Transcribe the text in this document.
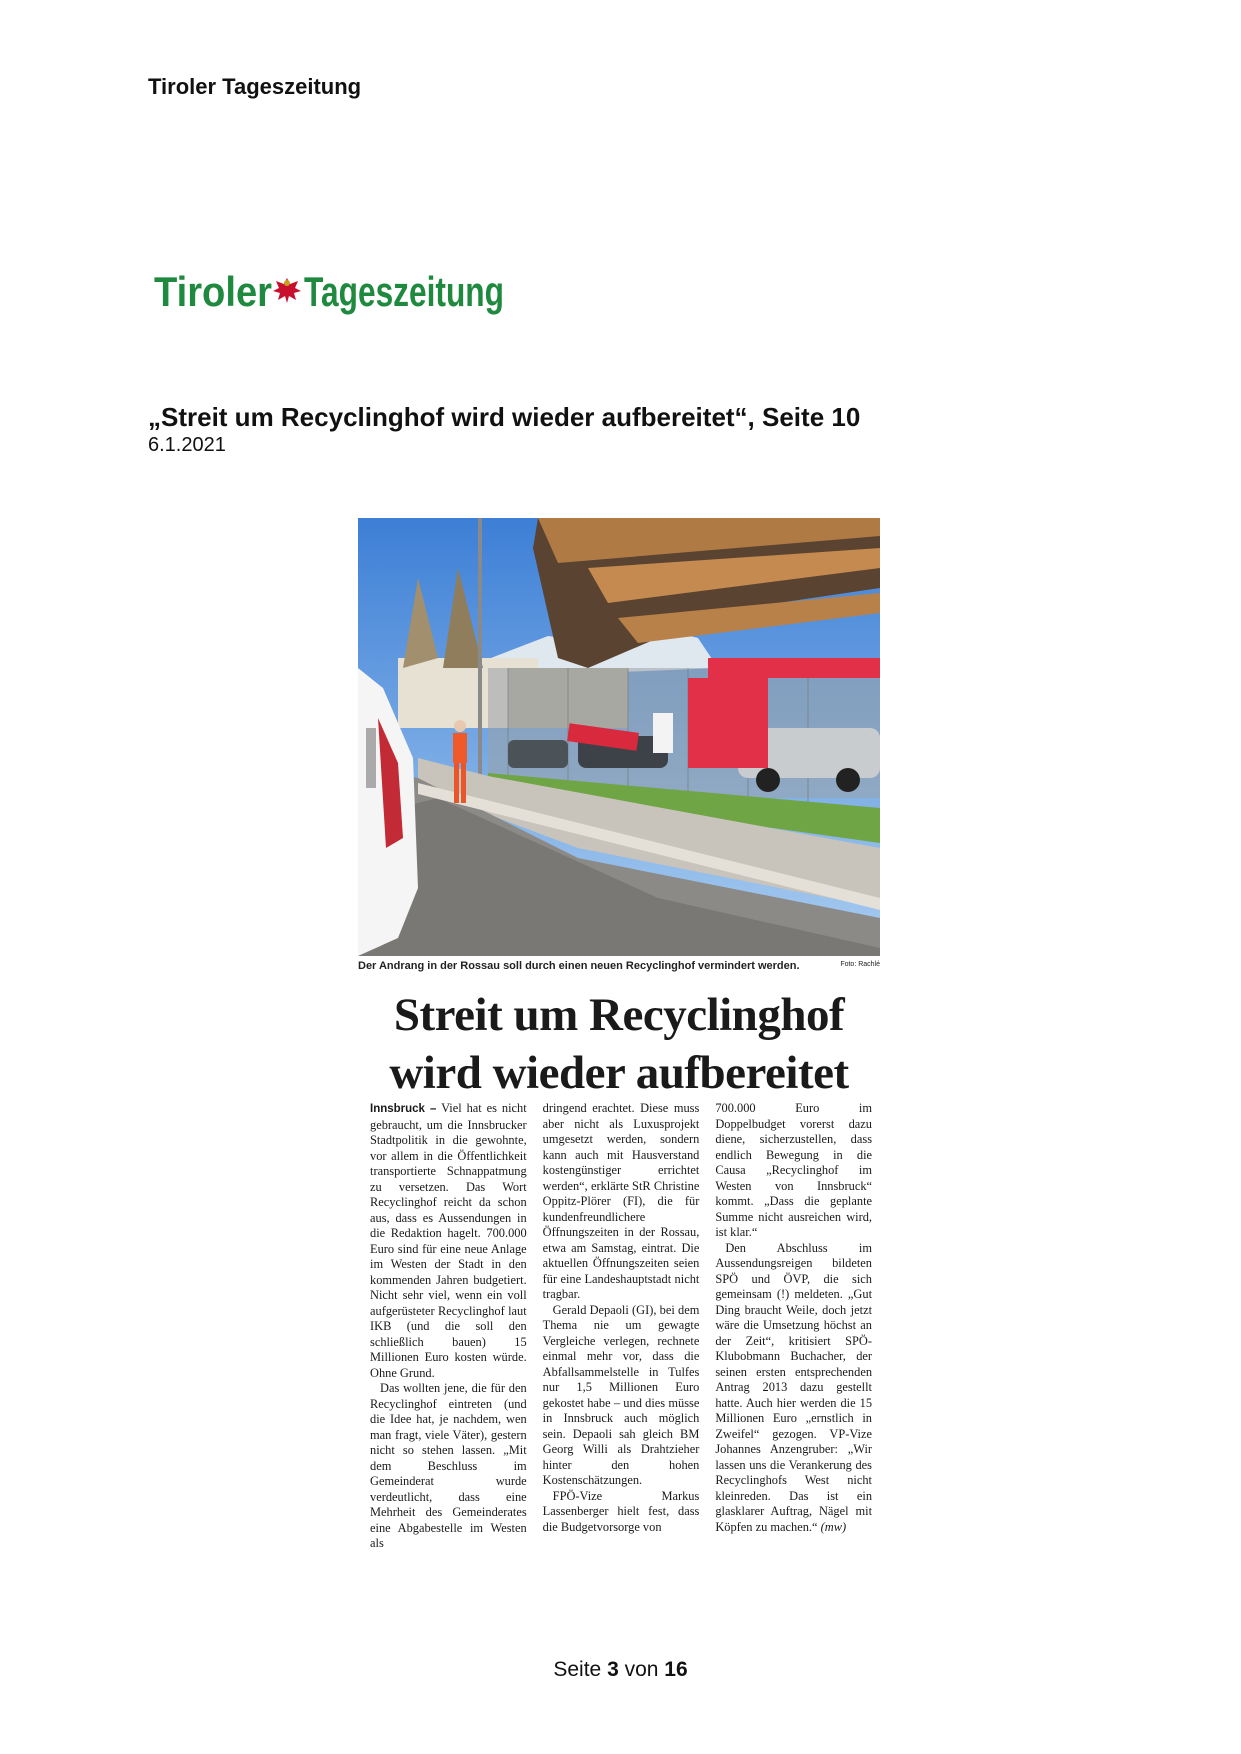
Tiroler Tageszeitung
Tiroler Tageszeitung
„Streit um Recyclinghof wird wieder aufbereitet“, Seite 10
6.1.2021
Der Andrang in der Rossau soll durch einen neuen Recyclinghof vermindert werden.	Foto: Rachlé
Streit um Recyclinghof
wird wieder aufbereitet

Innsbruck – Viel hat es nicht gebraucht, um die Innsbrucker Stadtpolitik in die gewohnte, vor allem in die Öffentlichkeit transportierte Schnappatmung zu versetzen. Das Wort Recyclinghof reicht da schon aus, dass es Aussendungen in die Redaktion hagelt. 700.000 Euro sind für eine neue Anlage im Westen der Stadt in den kommenden Jahren budgetiert. Nicht sehr viel, wenn ein voll aufgerüsteter Recyclinghof laut IKB (und die soll den schließlich bauen) 15 Millionen Euro kosten würde. Ohne Grund.

Das wollten jene, die für den Recyclinghof eintreten (und die Idee hat, je nachdem, wen man fragt, viele Väter), gestern nicht so stehen lassen. „Mit dem Beschluss im Gemeinderat wurde verdeutlicht, dass eine Mehrheit des Gemeinderates eine Abgabestelle im Westen als

dringend erachtet. Diese muss aber nicht als Luxusprojekt umgesetzt werden, sondern kann auch mit Hausverstand kostengünstiger errichtet werden“, erklärte StR Christine Oppitz-Plörer (FI), die für kundenfreundlichere Öffnungszeiten in der Rossau, etwa am Samstag, eintrat. Die aktuellen Öffnungszeiten seien für eine Landeshauptstadt nicht tragbar.

Gerald Depaoli (GI), bei dem Thema nie um gewagte Vergleiche verlegen, rechnete einmal mehr vor, dass die Abfallsammelstelle in Tulfes nur 1,5 Millionen Euro gekostet habe – und dies müsse in Innsbruck auch möglich sein. Depaoli sah gleich BM Georg Willi als Drahtzieher hinter den hohen Kostenschätzungen.

FPÖ-Vize Markus Lassenberger hielt fest, dass die Budgetvorsorge von

700.000 Euro im Doppelbudget vorerst dazu diene, sicherzustellen, dass endlich Bewegung in die Causa „Recyclinghof im Westen von Innsbruck“ kommt. „Dass die geplante Summe nicht ausreichen wird, ist klar.“

Den Abschluss im Aussendungsreigen bildeten SPÖ und ÖVP, die sich gemeinsam (!) meldeten. „Gut Ding braucht Weile, doch jetzt wäre die Umsetzung höchst an der Zeit“, kritisiert SPÖ-Klubobmann Buchacher, der seinen ersten entsprechenden Antrag 2013 dazu gestellt hatte. Auch hier werden die 15 Millionen Euro „ernstlich in Zweifel“ gezogen. VP-Vize Johannes Anzengruber: „Wir lassen uns die Verankerung des Recyclinghofs West nicht kleinreden. Das ist ein glasklarer Auftrag, Nägel mit Köpfen zu machen.“ (mw)

Seite 3 von 16
